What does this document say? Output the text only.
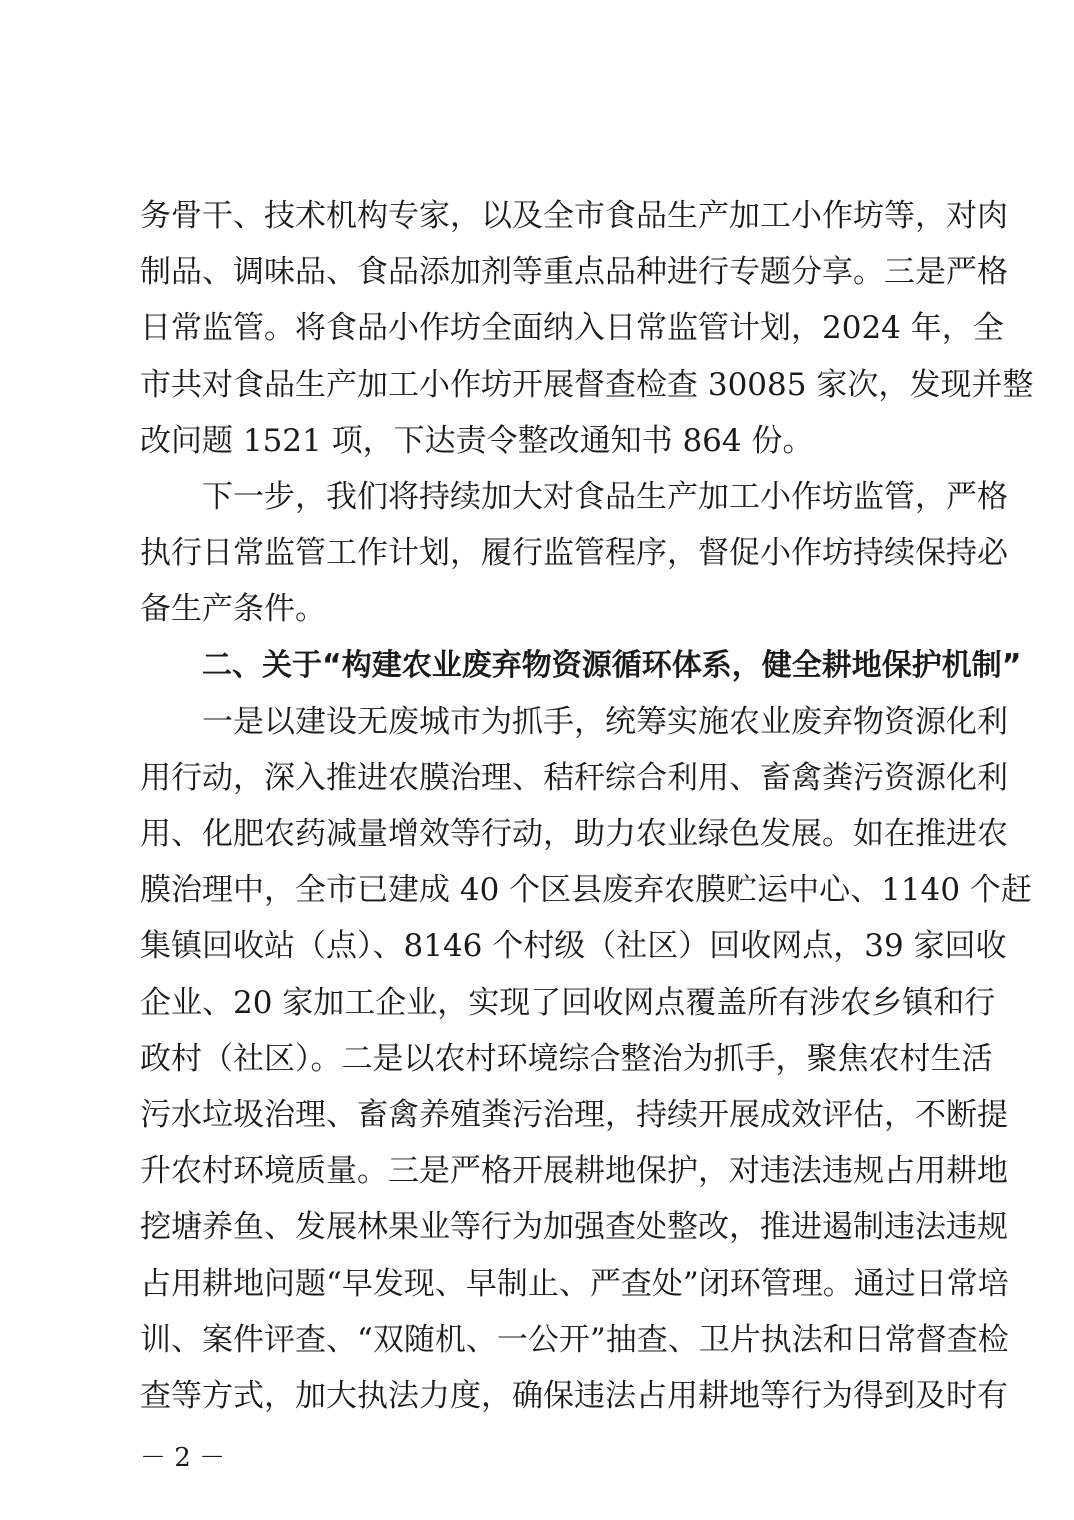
务骨干、技术机构专家，以及全市食品生产加工小作坊等，对肉
制品、调味品、食品添加剂等重点品种进行专题分享。三是严格
日常监管。将食品小作坊全面纳入日常监管计划，2024 年，全
市共对食品生产加工小作坊开展督查检查 30085 家次，发现并整
改问题 1521 项，下达责令整改通知书 864 份。
下一步，我们将持续加大对食品生产加工小作坊监管，严格
执行日常监管工作计划，履行监管程序，督促小作坊持续保持必
备生产条件。
二、关于“构建农业废弃物资源循环体系，健全耕地保护机制”
一是以建设无废城市为抓手，统筹实施农业废弃物资源化利
用行动，深入推进农膜治理、秸秆综合利用、畜禽粪污资源化利
用、化肥农药减量增效等行动，助力农业绿色发展。如在推进农
膜治理中，全市已建成 40 个区县废弃农膜贮运中心、1140 个赶
集镇回收站（点）、8146 个村级（社区）回收网点，39 家回收
企业、20 家加工企业，实现了回收网点覆盖所有涉农乡镇和行
政村（社区）。二是以农村环境综合整治为抓手，聚焦农村生活
污水垃圾治理、畜禽养殖粪污治理，持续开展成效评估，不断提
升农村环境质量。三是严格开展耕地保护，对违法违规占用耕地
挖塘养鱼、发展林果业等行为加强查处整改，推进遏制违法违规
占用耕地问题“早发现、早制止、严查处”闭环管理。通过日常培
训、案件评查、“双随机、一公开”抽查、卫片执法和日常督查检
查等方式，加大执法力度，确保违法占用耕地等行为得到及时有
－ 2 －
